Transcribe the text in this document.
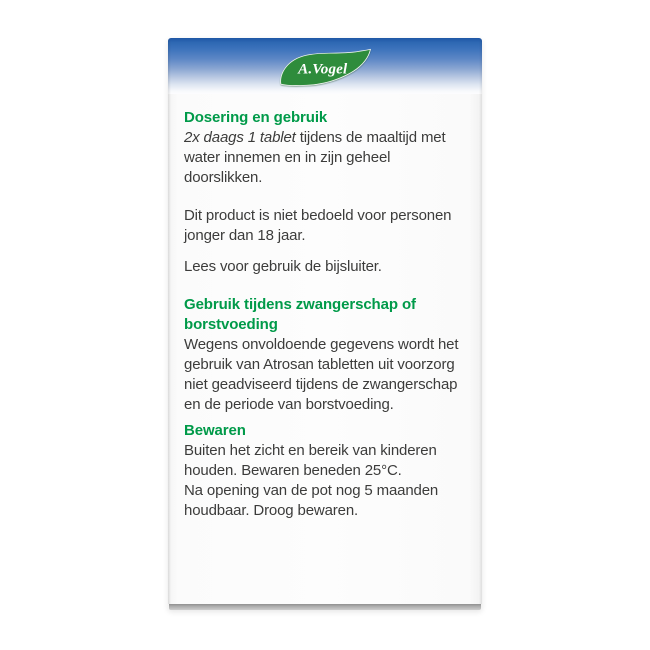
A.Vogel
Dosering en gebruik

2x daags 1 tablet tijdens de maaltijd met water innemen en in zijn geheel doorslikken.

Dit product is niet bedoeld voor personen jonger dan 18 jaar.

Lees voor gebruik de bijsluiter.

Gebruik tijdens zwangerschap of borstvoeding

Wegens onvoldoende gegevens wordt het gebruik van Atrosan tabletten uit voorzorg niet geadviseerd tijdens de zwangerschap en de periode van borstvoeding.

Bewaren

Buiten het zicht en bereik van kinderen houden. Bewaren beneden 25°C.

Na opening van de pot nog 5 maanden houdbaar. Droog bewaren.
